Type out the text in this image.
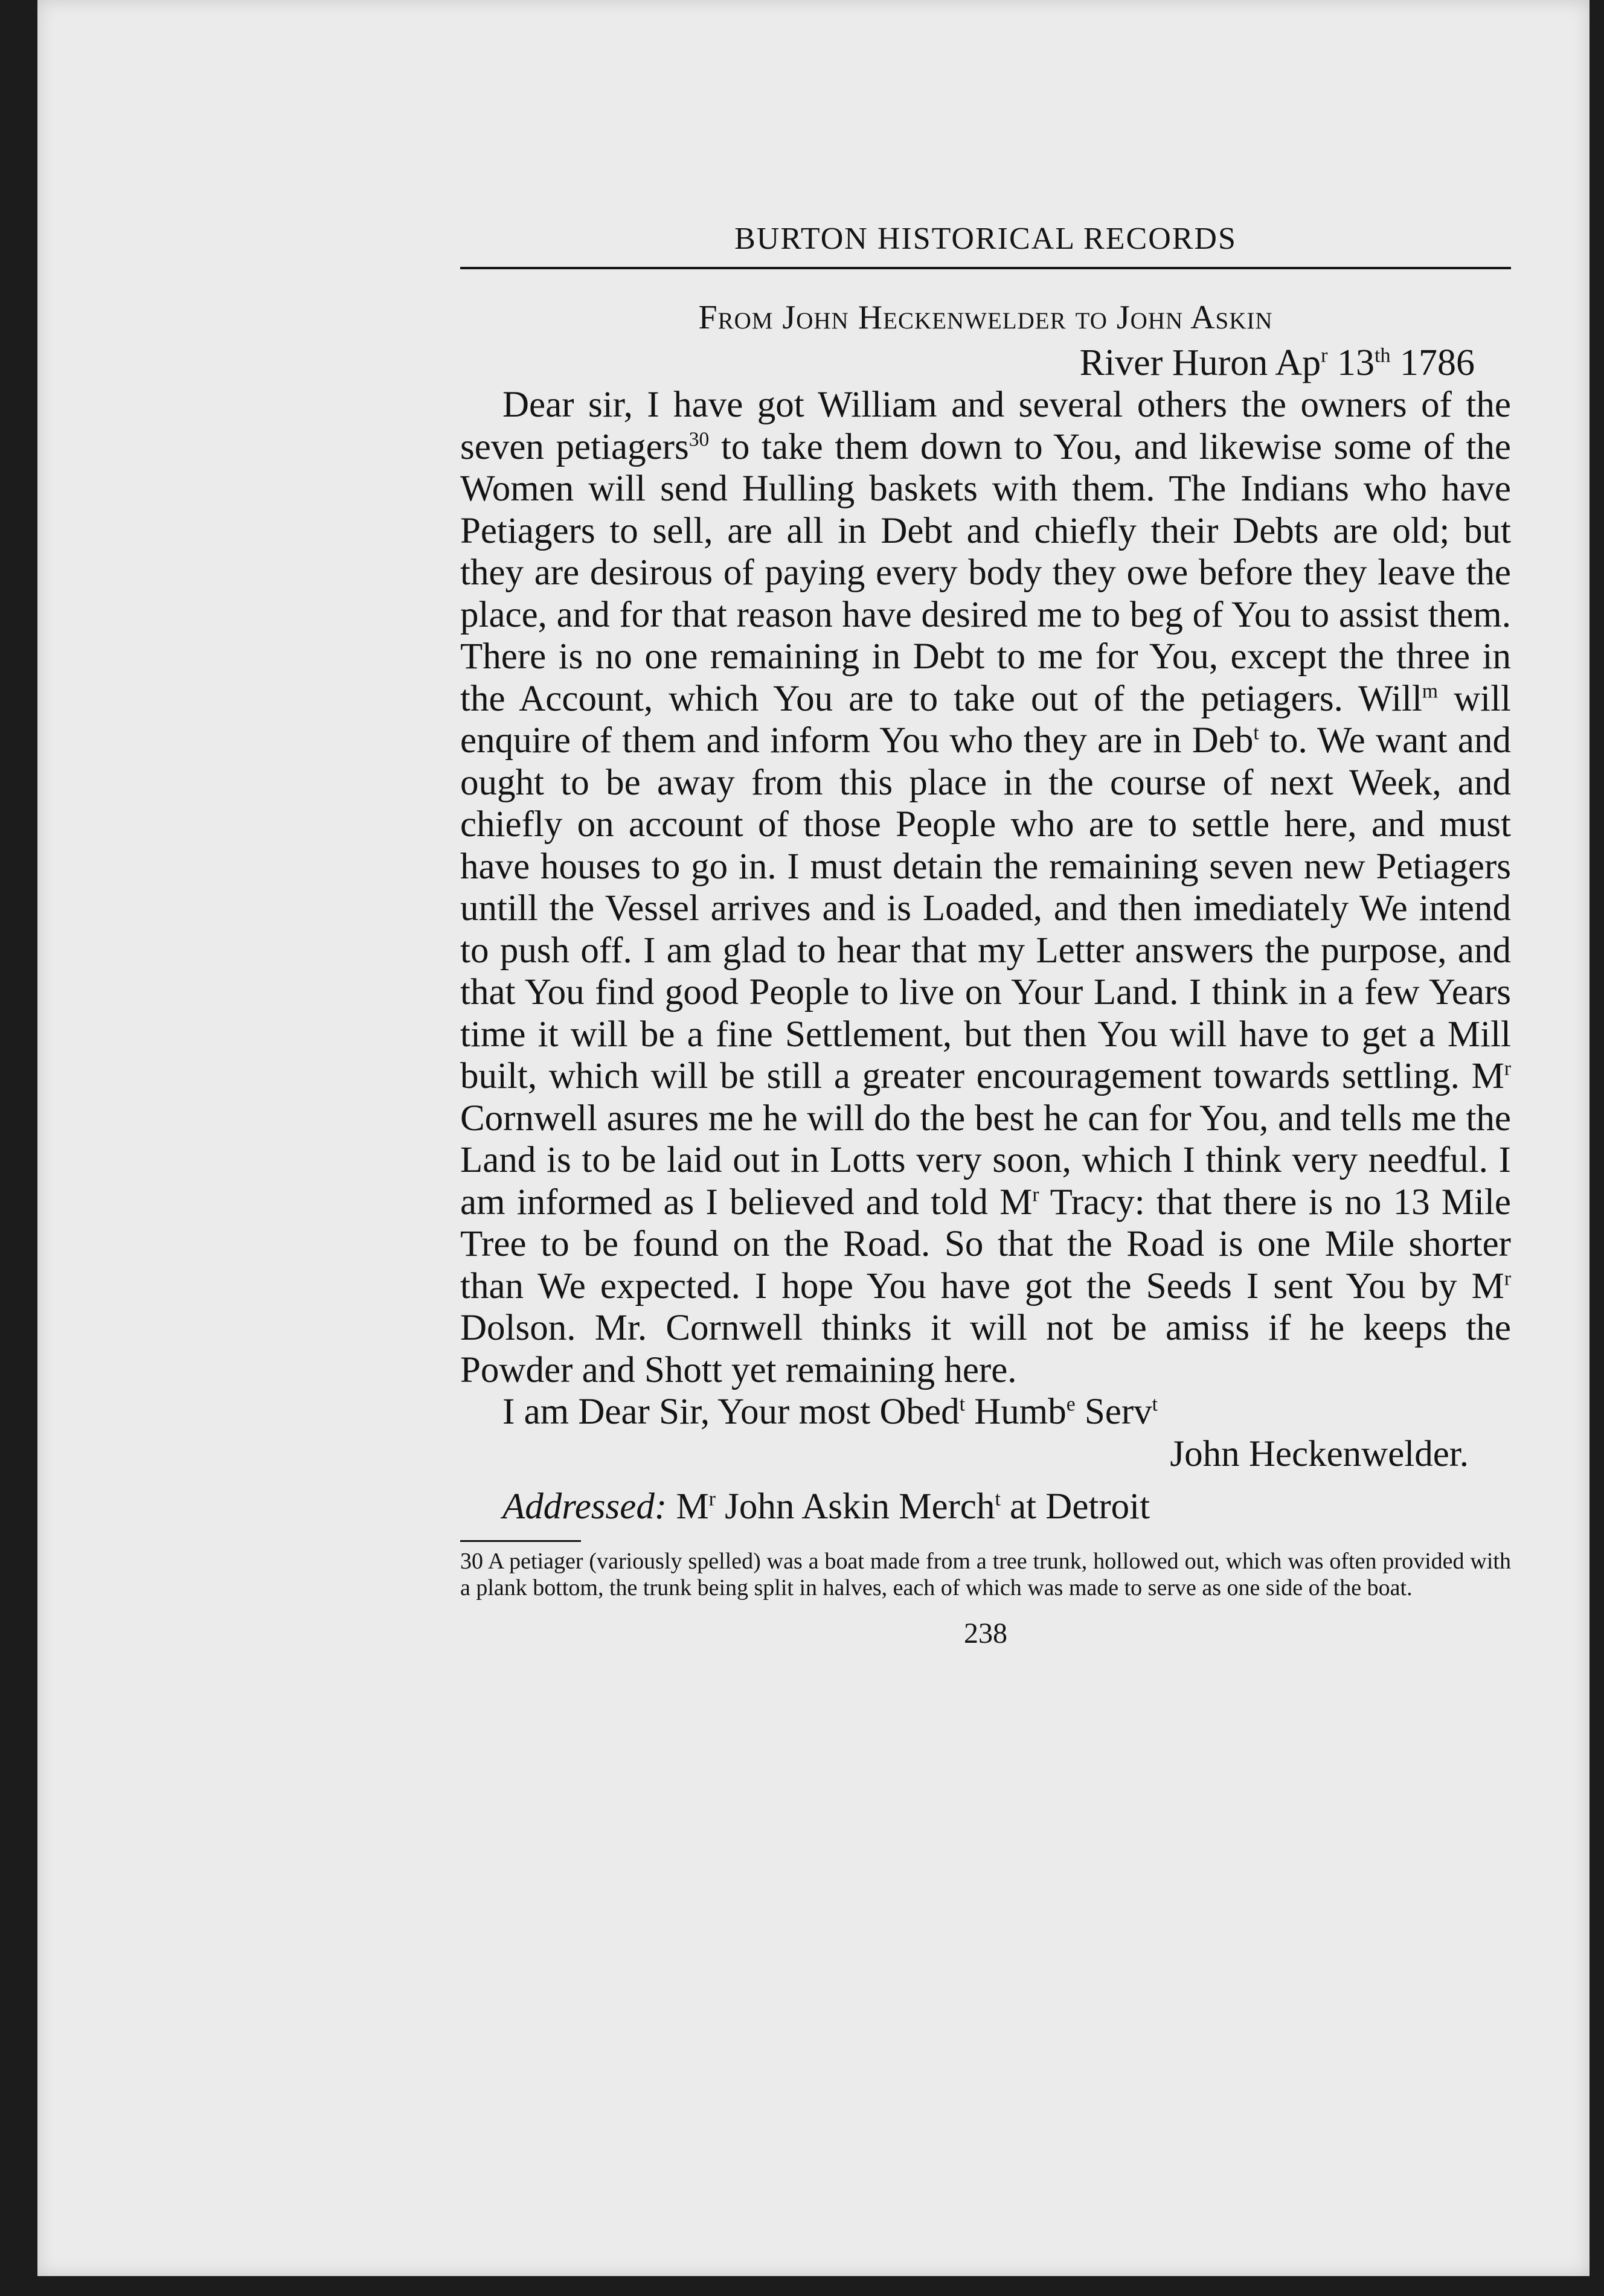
BURTON HISTORICAL RECORDS
From John Heckenwelder to John Askin
River Huron Ap$^r$ 13th 1786

Dear sir, I have got William and several others the owners of the seven petiagers$^{30}$ to take them down to You, and likewise some of the Women will send Hulling baskets with them. The Indians who have Petiagers to sell, are all in Debt and chiefly their Debts are old; but they are desirous of paying every body they owe before they leave the place, and for that reason have desired me to beg of You to assist them. There is no one remaining in Debt to me for You, except the three in the Account, which You are to take out of the petiagers. Will$^m$ will enquire of them and inform You who they are in Deb$^t$ to. We want and ought to be away from this place in the course of next Week, and chiefly on account of those People who are to settle here, and must have houses to go in. I must detain the remaining seven new Petiagers untill the Vessel arrives and is Loaded, and then imediately We intend to push off. I am glad to hear that my Letter answers the purpose, and that You find good People to live on Your Land. I think in a few Years time it will be a fine Settlement, but then You will have to get a Mill built, which will be still a greater encouragement towards settling. $M^r$ Cornwell asures me he will do the best he can for You, and tells me the Land is to be laid out in Lotts very soon, which I think very needful. I am informed as I believed and told $M^r$ Tracy: that there is no 13 Mile Tree to be found on the Road. So that the Road is one Mile shorter than We expected. I hope You have got the Seeds I sent You by $M^r$ Dolson. Mr. Cornwell thinks it will not be amiss if he keeps the Powder and Shott yet remaining here.

I am Dear Sir, Your most Obed$^t$ Humb$^e$ Serv$^t$

John Heckenwelder.

Addressed: $M^r$ John Askin Merch$^t$ at Detroit

30 A petiager (variously spelled) was a boat made from a tree trunk, hollowed out, which was often provided with a plank bottom, the trunk being split in halves, each of which was made to serve as one side of the boat.

238
